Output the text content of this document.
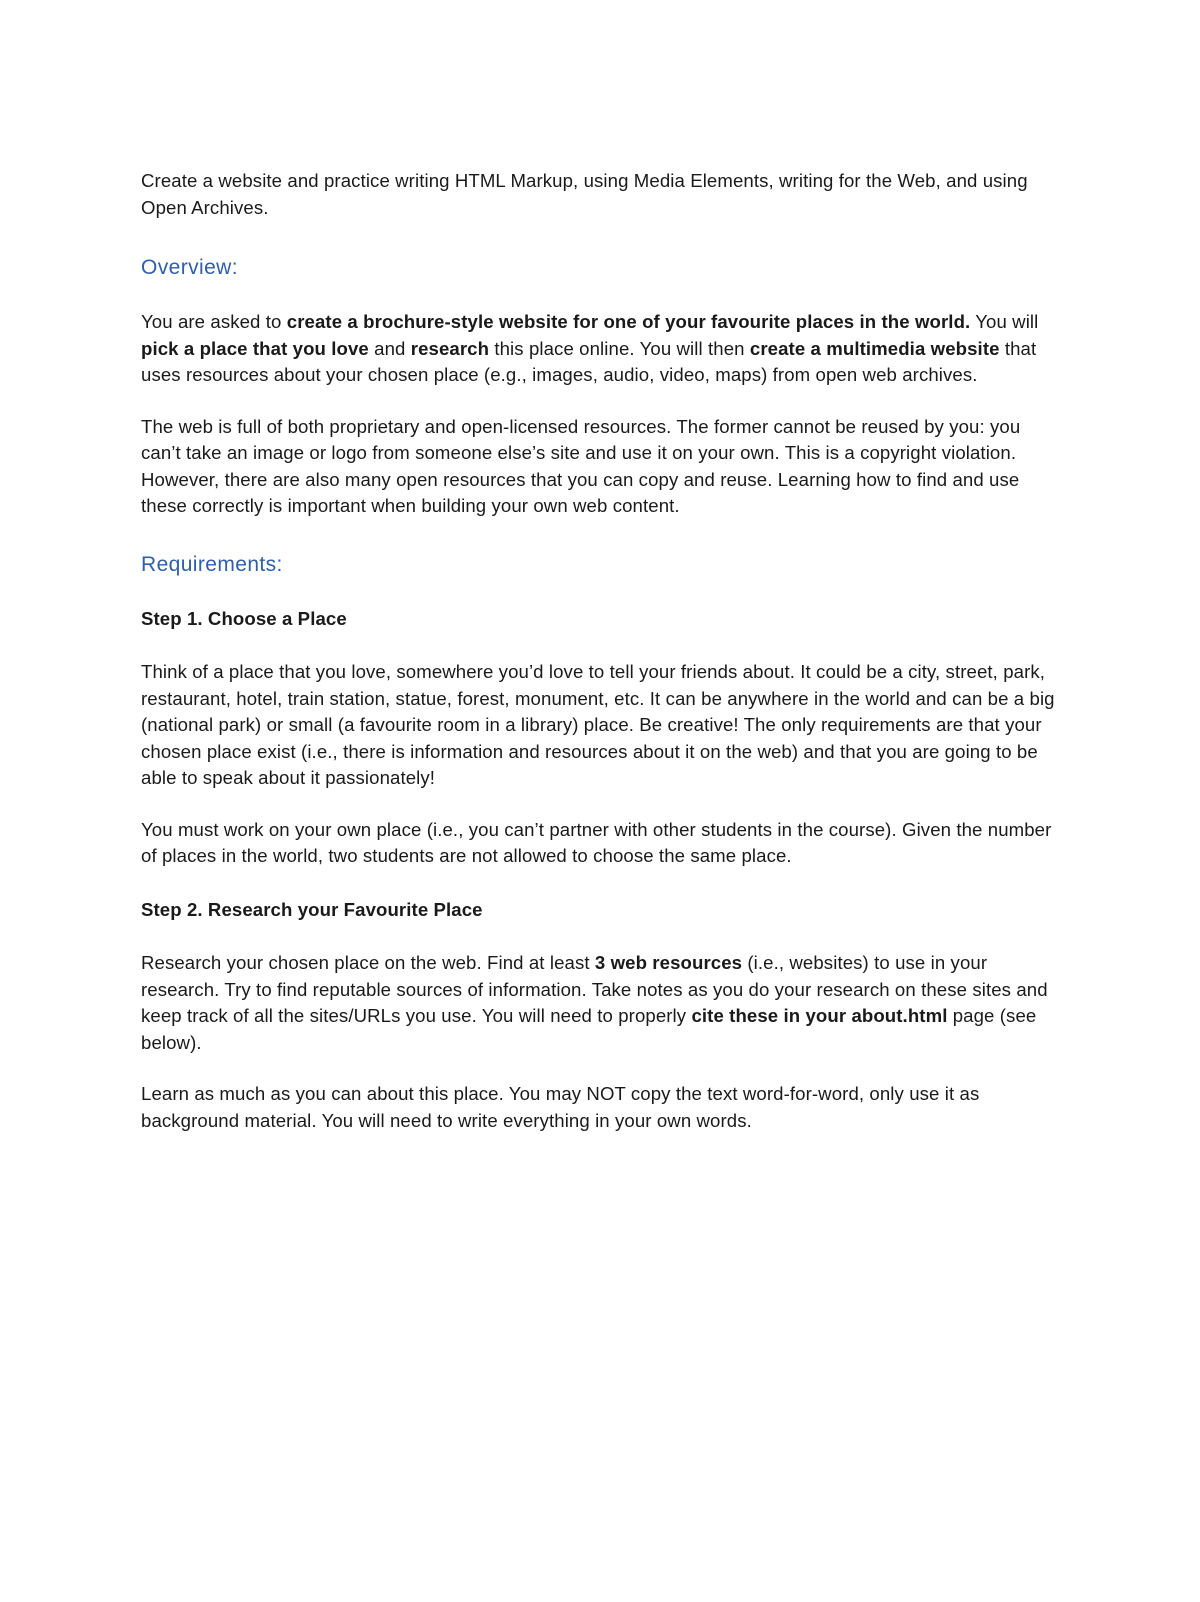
Create a website and practice writing HTML Markup, using Media Elements, writing for the Web, and using Open Archives.

Overview:

You are asked to create a brochure-style website for one of your favourite places in the world. You will pick a place that you love and research this place online. You will then create a multimedia website that uses resources about your chosen place (e.g., images, audio, video, maps) from open web archives.

The web is full of both proprietary and open-licensed resources. The former cannot be reused by you: you can’t take an image or logo from someone else’s site and use it on your own. This is a copyright violation. However, there are also many open resources that you can copy and reuse. Learning how to find and use these correctly is important when building your own web content.

Requirements:

Step 1. Choose a Place

Think of a place that you love, somewhere you’d love to tell your friends about. It could be a city, street, park, restaurant, hotel, train station, statue, forest, monument, etc. It can be anywhere in the world and can be a big (national park) or small (a favourite room in a library) place. Be creative! The only requirements are that your chosen place exist (i.e., there is information and resources about it on the web) and that you are going to be able to speak about it passionately!

You must work on your own place (i.e., you can’t partner with other students in the course). Given the number of places in the world, two students are not allowed to choose the same place.

Step 2. Research your Favourite Place

Research your chosen place on the web. Find at least 3 web resources (i.e., websites) to use in your research. Try to find reputable sources of information. Take notes as you do your research on these sites and keep track of all the sites/URLs you use. You will need to properly cite these in your about.html page (see below).

Learn as much as you can about this place. You may NOT copy the text word-for-word, only use it as background material. You will need to write everything in your own words.
